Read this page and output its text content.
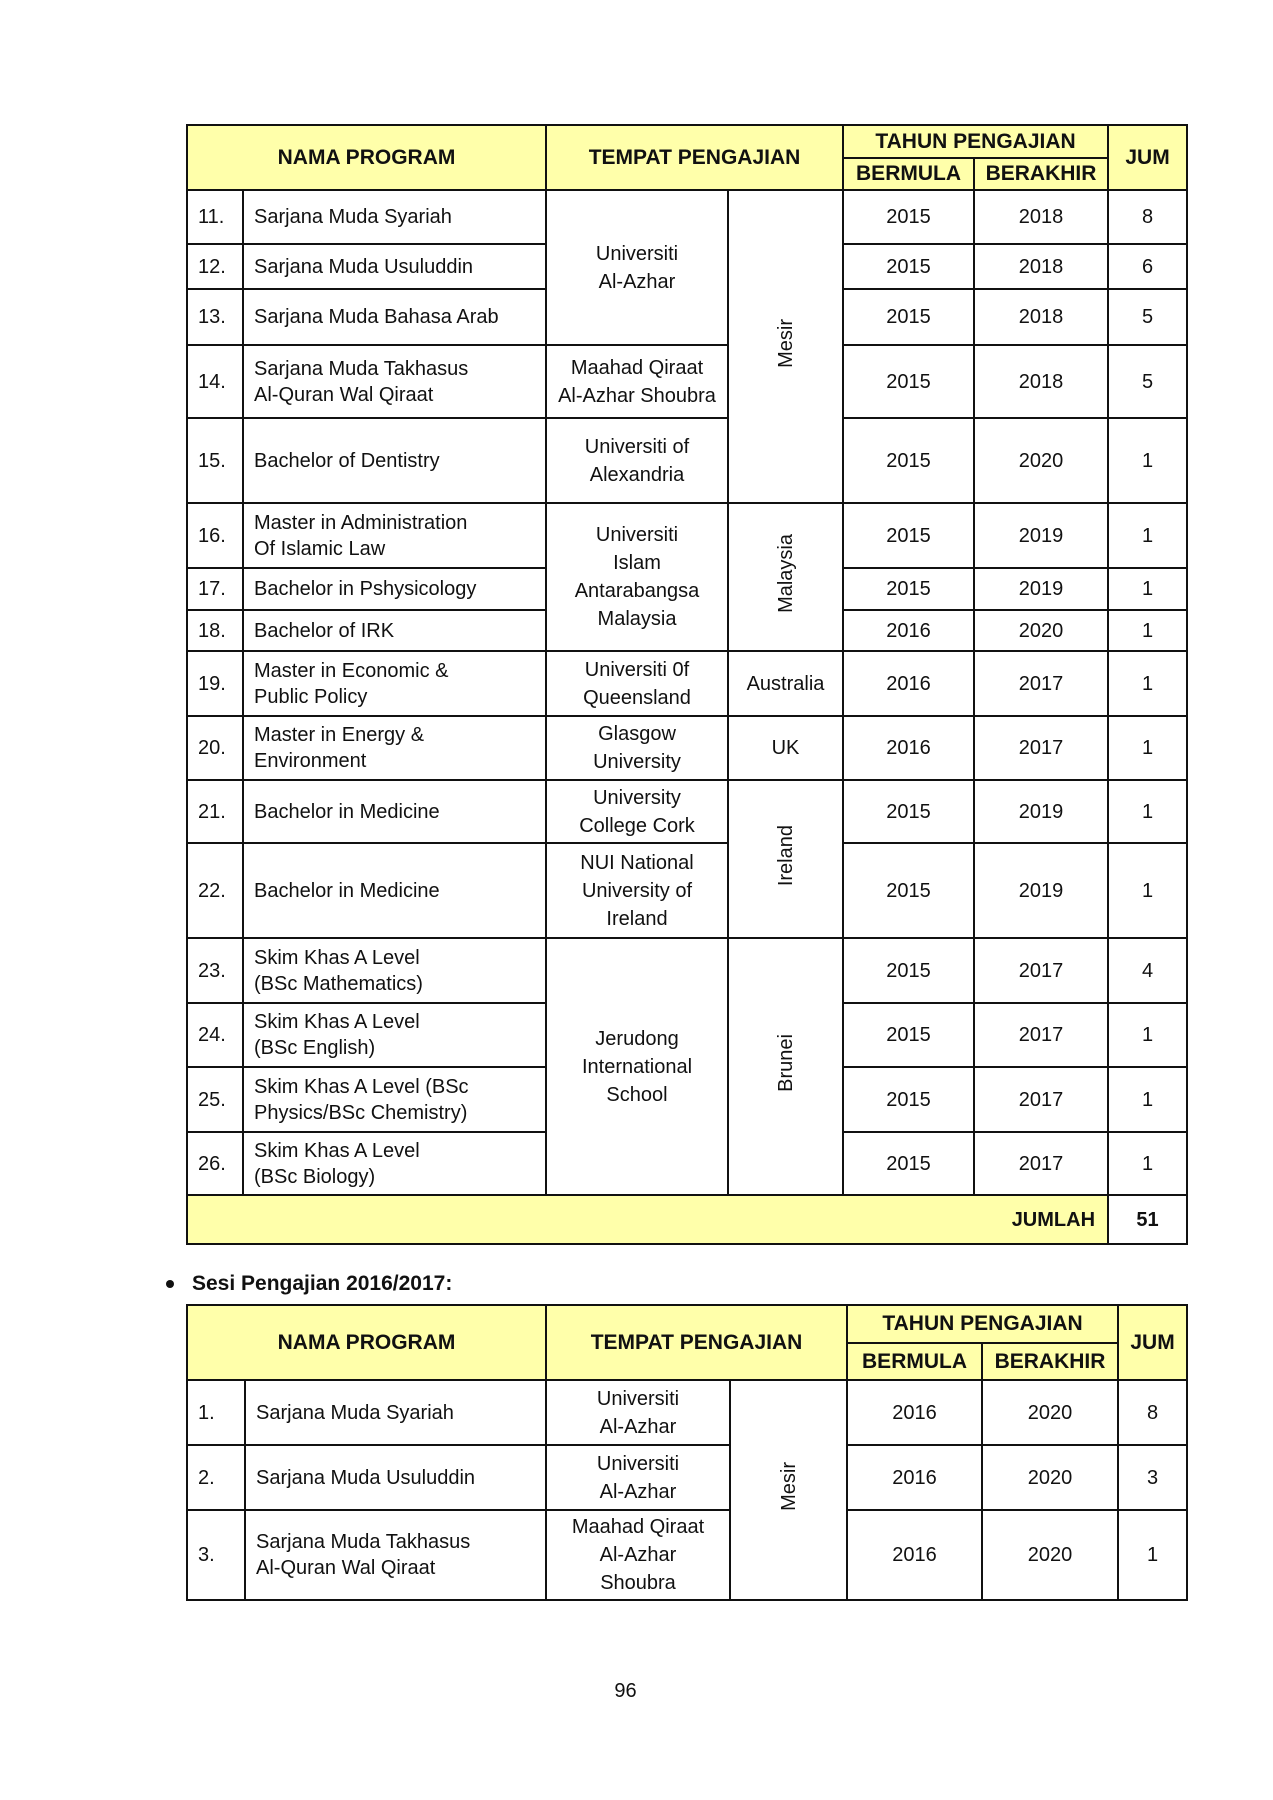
NAMA PROGRAM		TEMPAT PENGAJIAN		TAHUN PENGAJIAN		JUM
				BERMULA	BERAKHIR	
11.	Sarjana Muda Syariah	Universiti
Al-Azhar	Mesir	2015	2018	8
12.	Sarjana Muda Usuluddin			2015	2018	6
13.	Sarjana Muda Bahasa Arab			2015	2018	5
14.	Sarjana Muda Takhasus
Al-Quran Wal Qiraat	Maahad Qiraat
Al-Azhar Shoubra		2015	2018	5
15.	Bachelor of Dentistry	Universiti of
Alexandria		2015	2020	1
16.	Master in Administration
Of Islamic Law	Universiti
Islam
Antarabangsa
Malaysia	Malaysia	2015	2019	1
17.	Bachelor in Pshysicology			2015	2019	1
18.	Bachelor of IRK			2016	2020	1
19.	Master in Economic &
Public Policy	Universiti 0f
Queensland	Australia	2016	2017	1
20.	Master in Energy &
Environment	Glasgow
University	UK	2016	2017	1
21.	Bachelor in Medicine	University
College Cork	Ireland	2015	2019	1
22.	Bachelor in Medicine	NUI National
University of
Ireland		2015	2019	1
23.	Skim Khas A Level
(BSc Mathematics)	Jerudong
International
School	Brunei	2015	2017	4
24.	Skim Khas A Level
(BSc English)			2015	2017	1
25.	Skim Khas A Level (BSc
Physics/BSc Chemistry)			2015	2017	1
26.	Skim Khas A Level
(BSc Biology)			2015	2017	1
JUMLAH						51
Sesi Pengajian 2016/2017:
NAMA PROGRAM		TEMPAT PENGAJIAN		TAHUN PENGAJIAN		JUM
				BERMULA	BERAKHIR	
1.	Sarjana Muda Syariah	Universiti
Al-Azhar	Mesir	2016	2020	8
2.	Sarjana Muda Usuluddin	Universiti
Al-Azhar		2016	2020	3
3.	Sarjana Muda Takhasus
Al-Quran Wal Qiraat	Maahad Qiraat
Al-Azhar
Shoubra		2016	2020	1
96
